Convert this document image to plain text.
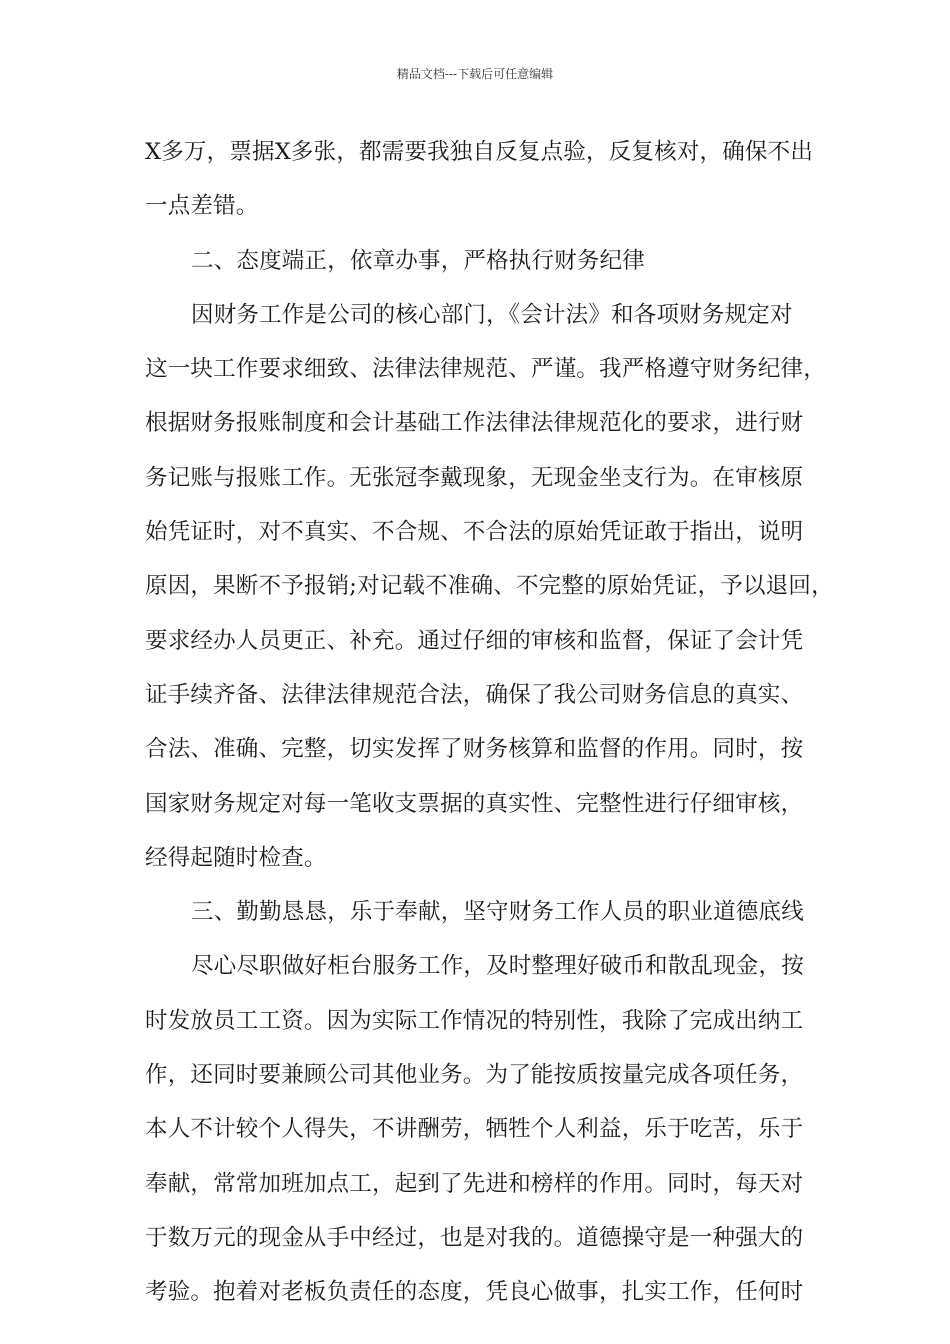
精品文档---下载后可任意编辑
X多万，票据X多张，都需要我独自反复点验，反复核对，确保不出
一点差错。
二、态度端正，依章办事，严格执行财务纪律
因财务工作是公司的核心部门，《会计法》和各项财务规定对
这一块工作要求细致、法律法律规范、严谨。我严格遵守财务纪律，
根据财务报账制度和会计基础工作法律法律规范化的要求，进行财
务记账与报账工作。无张冠李戴现象，无现金坐支行为。在审核原
始凭证时，对不真实、不合规、不合法的原始凭证敢于指出，说明
原因，果断不予报销;对记载不准确、不完整的原始凭证，予以退回，
要求经办人员更正、补充。通过仔细的审核和监督，保证了会计凭
证手续齐备、法律法律规范合法，确保了我公司财务信息的真实、
合法、准确、完整，切实发挥了财务核算和监督的作用。同时，按
国家财务规定对每一笔收支票据的真实性、完整性进行仔细审核，
经得起随时检查。
三、勤勤恳恳，乐于奉献，坚守财务工作人员的职业道德底线
尽心尽职做好柜台服务工作，及时整理好破币和散乱现金，按
时发放员工工资。因为实际工作情况的特别性，我除了完成出纳工
作，还同时要兼顾公司其他业务。为了能按质按量完成各项任务，
本人不计较个人得失，不讲酬劳，牺牲个人利益，乐于吃苦，乐于
奉献，常常加班加点工，起到了先进和榜样的作用。同时，每天对
于数万元的现金从手中经过，也是对我的。道德操守是一种强大的
考验。抱着对老板负责任的态度，凭良心做事，扎实工作，任何时
